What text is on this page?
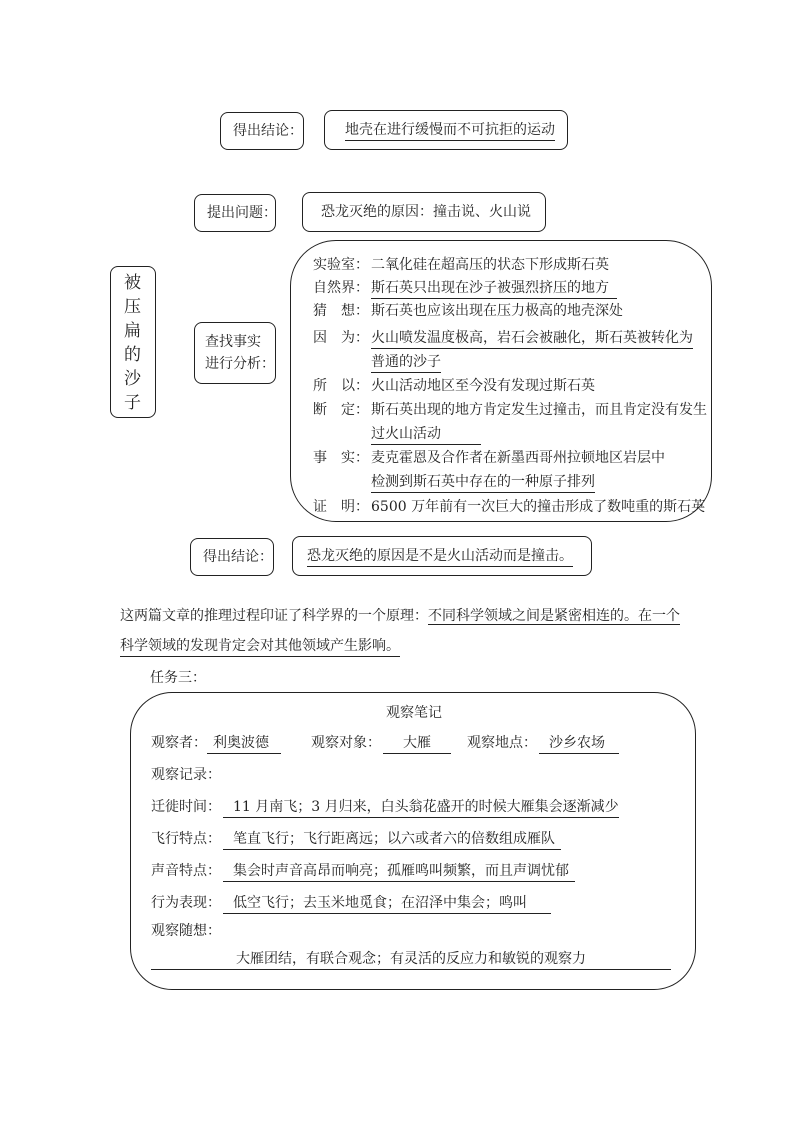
得出结论：	地壳在进行缓慢而不可抗拒的运动
提出问题：	恐龙灭绝的原因：撞击说、火山说
被
压
扁
的
沙
子
查找事实
进行分析：
实验室： 二氧化硅在超高压的状态下形成斯石英
自然界： 斯石英只出现在沙子被强烈挤压的地方
猜　想： 斯石英也应该出现在压力极高的地壳深处
因　为： 火山喷发温度极高，岩石会被融化，斯石英被转化为
普通的沙子
所　以： 火山活动地区至今没有发现过斯石英
断　定： 斯石英出现的地方肯定发生过撞击，而且肯定没有发生
过火山活动
事　实： 麦克霍恩及合作者在新墨西哥州拉顿地区岩层中
检测到斯石英中存在的一种原子排列
证　明： 6500 万年前有一次巨大的撞击形成了数吨重的斯石英
得出结论： 恐龙灭绝的原因是不是火山活动而是撞击。
这两篇文章的推理过程印证了科学界的一个原理：不同科学领域之间是紧密相连的。在一个
科学领域的发现肯定会对其他领域产生影响。
任务三：
观察笔记
观察者： 利奥波德	观察对象：	大雁	观察地点： 沙乡农场
观察记录：
迁徙时间： 11 月南飞；3 月归来，白头翁花盛开的时候大雁集会逐渐减少
飞行特点： 笔直飞行；飞行距离远；以六或者六的倍数组成雁队
声音特点： 集会时声音高昂而响亮；孤雁鸣叫频繁，而且声调忧郁
行为表现： 低空飞行；去玉米地觅食；在沼泽中集会；鸣叫
观察随想：
大雁团结，有联合观念；有灵活的反应力和敏锐的观察力
